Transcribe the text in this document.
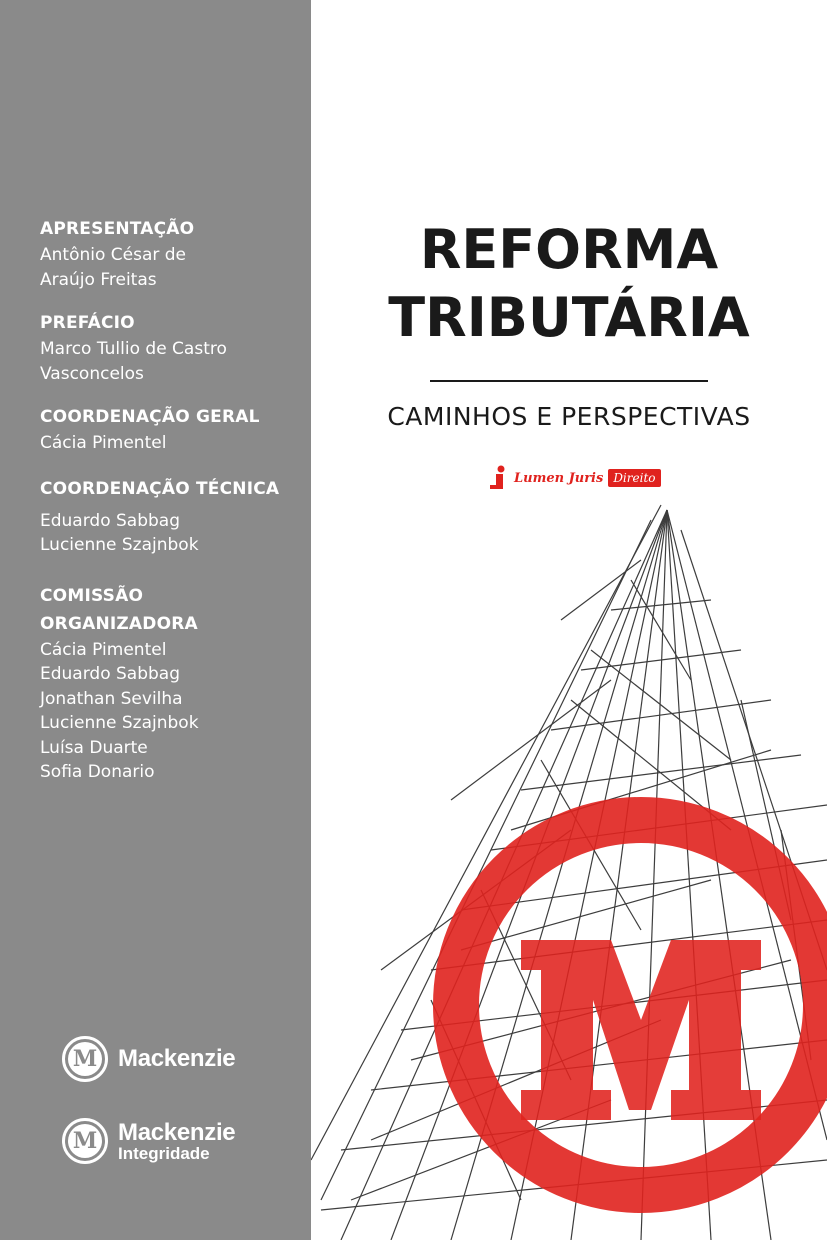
APRESENTAÇÃO

Antônio César de

Araújo Freitas

PREFÁCIO

Marco Tullio de Castro

Vasconcelos

COORDENAÇÃO GERAL

Cácia Pimentel

COORDENAÇÃO TÉCNICA

Eduardo Sabbag

Lucienne Szajnbok

COMISSÃO

ORGANIZADORA

Cácia Pimentel

Eduardo Sabbag

Jonathan Sevilha

Lucienne Szajnbok

Luísa Duarte

Sofia Donario

M Mackenzie
M Mackenzie
Integridade
REFORMA
TRIBUTÁRIA

CAMINHOS E PERSPECTIVAS

Lumen Juris Direito
